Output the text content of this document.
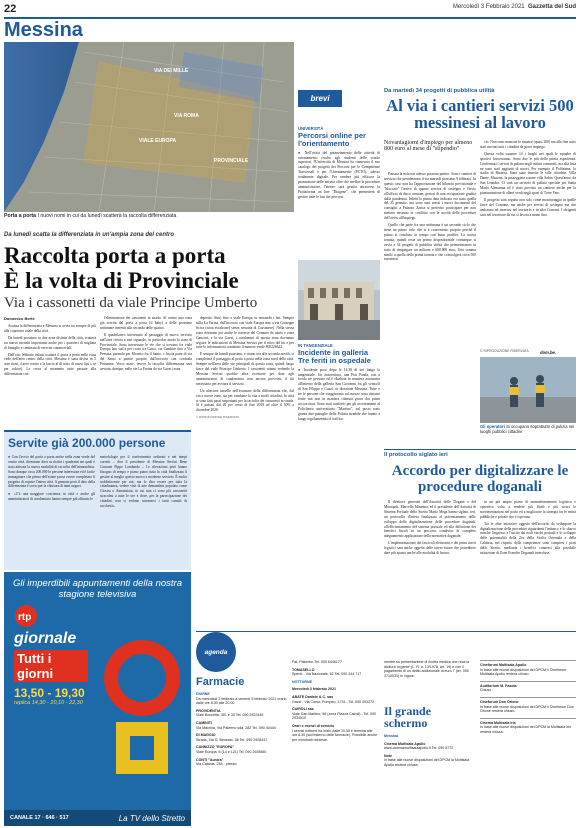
22	Mercoledì 3 Febbraio 2021 Gazzetta del Sud
Messina
VIA DEI MILLE
VIA ROMA
VIALE EUROPA
PROVINCIALE
Porta a porta I nuovi nomi in cui da lunedì scatterà la raccolta differenziata
Da lunedì scatta la differenziata in un'ampia zona del centro
Raccolta porta a porta
È la volta di Provinciale
Via i cassonetti da viale Principe Umberto
Domenico Bertè

Avanza la differenziata e Messina si avvia tra sempre di più alla copertura totale della città.

Da lunedì prossimo in due zone distinte della città, scatterà un nuovo metodo importante anche per i quartieri di migliaia di famiglie e centinaia di esercizi commerciali.

Dall'otto febbraio infatti scatterà il porta a porta nella zona vede dell'area centro della città. Messina è stata divisa in 5 aree rioni, 4 aree centro e la fascia al di sotto di nuovi tipi o se per colore). Le cerca al momento tutte passate alla differenziata con

l'eliminazione dei cassonetti in strada. Al centro una zona già servita dal porta a porta (il baby) a delle prossime settimane inerenti alla seconda delle quattro.

Il quadrilatero interessato al passaggio di nuovo servizio nell'area rivista a vari riguardo, in particolar modo la zona di Provinciale. Sono interessate le vie che si trovano fra viale Europa lato sud e per corso tra Gazzi, via Candore fino a Via Pensata, parendo per Moretto fra il Santo, c fascia parte di via del Santo a partire proprio dall'incrocio con contrada Pistunina. Verso mare, invece la raccolta differenziata sarà avviata, dunque, nelle vie La Farina da via Gazzi (zona

deposito Atm) fino a viale Europa su entrambi i lati. Sempre sulla La Farina, dall'incrocio con viale Europa sino a via Giuseppe Sciva (zona escalzone) senza nessuna di Cassiniere). Nella stessa zona rientrano poi anche le traverse del Comune da inizio e zona Ganzirri, e la via Gazzi, i condomini di questa zona dovranno seguire le indicazioni di Messina Servizi per il ritiro del kit e per tutte le informazioni contattate il numero verde 800226622.

E sempre da lunedì prossimo, e siamo ora alla seconda novità, si completerà il passaggio al porta a porta nella zona nord della città. Sempre nell'area delle vie principali di questa zona, quindi luogo fasce del viale Principe Umberto. I cassonetti stanno vedendo la Messina Servizi qualche altra ricezione per dare agli amministratori di condominio, non ancora provvisti, il kit necessario per avviare il servizio.

Un ulteriore tassello nell'avanzare della differenziata che, dal via a nuove zone, sta per cambiare la vita a molti cittadini. In città si sono fatti passi importanti per la raccolta dei cassonetti in strada. Si è passati dal 20 per cento di fine 2018 ad oltre il 50% a dicembre 2020.

© RIPRODUZIONE RISERVATA
Servite già 200.000 persone

● Con l'avvio del porta a porta anche nella zona verde del centro città, diventano dieci su dodici i quadranti nei quali è stata attivata la nuova modalità di raccolta dell'immondizia. Sono dunque circa 200.000 le persone interessate ed è facile immaginare che prima dell'estate possa essere completato il progetto di coprire l'intera città. A gennaio però il dato della differenziata è sceso per la chiusura di tanti negozi.

● «C'è una maggiore coscienza in città e anche gli amministratori di condominio hanno sempre più affinato le

metodologie per il conferimento ordinato e nei tempi corretti – dice il presidente di Messina Servizi Bene Comune Pippo Lombardo – Le rilevazioni però hanno bisogno di tempo e piano piano tutta la città finalizzata il gestire al meglio questo nuovo e moderno servizio. È molto soddisfacente per noi, ma lo dico essere per tutta la cittadinanza, vedere visti di arte demandarti popolato come Giostra o Annunziata, in cui non ci sono più cassonetti stracolmi a tutte le ore e dove, per la partecipazione dei cittadini, non si vedono sommersi i tanti cumuli di sacchetti».

brevi
UNIVERSITÀ
Percorsi online per l'orientamento

● Nell'ottica del potenziamento delle attività di orientamento rivolte agli studenti delle scuole superiori, l'Università di Messina ha rinnovato il suo catalogo dei progetti dei Percorsi per le Competenze Trasversali e per l'Orientamento (PCTO), adesso totalmente digitale. Per rendere più efficace la promozione delle attività oltre che snellire le procedure amministrative, l'ateneo sarà gestita attraverso la Piattaforma on line "Diogene", che permetterà di gestire tutte le fasi dei percorsi.

IN TANGENZIALE
Incidente in galleria Tre feriti in ospedale

● Incidente poco dopo le 14.30 di ieri lungo la tangenziale. Un autovettura, una Fiat Panda, con a bordo tre persone ed è ribaltata in maniera autonoma all'interno della galleria San Giovanni fra gli svincoli di San Filippo e Gazzi, in direzione Messina. Tutte e tre le persone che viaggiavano sul mezzo sono rimaste ferite ma non in maniera ritenuta grave dai primi soccorritori. Sono stati trasferiti per gli accertamenti al Policlinico universitario "Martino", sul posto sono giunte due pattuglie della Polizia stradale che hanno a lungo regolamentato il traffico.

Da martedì 34 progetti di pubblica utilità
Al via i cantieri servizi 500 messinesi al lavoro
Novantagiorni d'impiego per almeno 800 euro al mese di "stipendio"

Passata la nota ieri adesso possono partire. Sono i cantieri di servizio che prenderanno il via martedì prossimo 9 febbraio. In questo caso non ha l'approvazione del bilancio previsionale e "bloccato" l'arrivo di quanto serviva di sostegno e l'invio all'ufficio di disco comune, gestori di una occupazione gradita dalla pandemia. Infatti la prima data indicata era stata quella del 25 gennaio, ma sono stati messi i nuovi documenti del consiglio a Palazzo Zanca si preferito posticipare per non mettere nessuno in conflitto con le novità delle procedure dell'avvio all'impiego.

Quello che parte fra una settimana è un secondo ciclo che tiene un primo volo che si è concentrato proprio perché il primo si concluso in tempo con buon profitto. La nuova tornata, quindi resta un primo disposizionale comunque si avvia a 34 progetti di pubblica utilità che permetteranno in tutto di rimpiegare un milione e 600.000 euro. Una somma simile a quella della prima tornata e che coinvolgerà circa 500 messinesi.

cio. Non sono mancate le rinunce (quasi 200) ma alla fine sono stati rinviati tutti i cittadini da porre impiego.

Questa volta saranno 14 i luoghi nei quali le squadre di sportivi lavoreranno. Sono due le più della prima esperienza. Confermati i servizi di pulizia negli istituti comunali, ma alla lista ne sono stati aggiunti di nuovi. Per esempio il Politeama, lo stadio di Bisazza. Sono state inserite le ville cittadine. Villa Dante, Mazzini, la passeggiata a mare villa Sabin. Quest'anno, da San Leandro. Ci sarà un servizio di pulizia speciale per Santa Maria Alemanna ed è stato previsto un cantiere anche per la piantumazione di alberi verdi negli spazi di Torre Faro.

Il progetto sarà seguito non solo come monitoraggio in quelle fasce del Comune, ma anche per servizi di sostegno ma che andranno ad inserirsi nel territorio e in altri Comuni. I dirigenti sarà nel tesserone da cui si lavora a mano fino.

© RIPRODUZIONE RISERVATA	dom.be.
Gli operatori Si occupano soprattutto di pulizia nei luoghi pubblici cittadini
Il protocollo siglato ieri
Accordo per digitalizzare le procedure doganali

Il direttore generale dell'Autorità delle Dogane e del Monopoli, Marcello Minenna, ed il presidente dell'Autorità di Sistema Portuale dello Stretto Mario Mega hanno siglato, ieri, un protocollo d'intesa finalizzato al potenziamento dello sviluppo della digitalizzazione delle procedure doganali, all'efficientamento del sistema portuale ed alla diffusione dei benefici fiscali su un percorso condiviso di completo adeguamento applicazione della normativa doganale.

L'implementazione dei fascicoli elettronici e dei primi rinvii logistici sarà anche oggetto delle intese future che potrebbero dare più spazio anche alle modalità di lavoro.

in un più ampio piano di ammodernamento logistico e operativo volto a rendere più fluidi e più sicuri le movimentazioni nel porto ed a migliorare la sinergia tra le entità pubbliche e private che vi operano.

Tra le altre iniziative oggetto dell'accordo da sviluppare la digitalizzazione delle procedure riguardanti l'imbarco e lo sbarco nonché l'ingresso e l'uscita dai nodi varchi portuali e lo sviluppo delle potenzialità della Zes della Sicilia Orientale e della Calabria, nel rispetto delle competenze sono compresi i porti dello Stretto, mediante i benefici connessi alla possibile istituzione di Zone Franche Doganali intercluse.

Gli imperdibili appuntamenti della nostra stagione televisiva
rtp
giornale
Tutti i giorni
13,50 - 19,30
replica 14,30 - 20,10 - 22,30
CANALE 17 · 646 · 517	La TV dello Stretto
agenda
Farmacie
DIURNE
Da mercoledì 3 febbraio a venerdì 5 febbraio 2021 orario dalle ore 8.30 alle 20.00
PROVIDENTIA
Viale Boccetta, 301 e 30 Tel. 090 2922445
CAMINITI
Via Macrina, Via Palermo sda, 282 Tel. 090 40444
DI MAGGIO
Strada, Via G. Bensato, 36 Tel. 090 2928437
CANNIZZO "EUROPA"
Viale Europa, 6 (14 e 121) Tel. 090 2928560
CONTI "Aurora"
Via Catania, 248 - presso
Pal. Palumbo Tel. 090 6446177
TOMASELLO
Sperlò - Via Nazionale, 62 Tel. 090 344 717
NOTTURNE
Mercoledì 3 febbraio 2021
ABATE Daniele & C. sas
Gazzi - Via Corso, Pompeo, 1731 - Tel. 090 293272
CAIROLI sas
Viale San Martino, 98 (zona Piazza Cairoli) - Tel. 090 2934510
Orari e esenzi di servizio
I servizi notturni ha inizio dalle 19.30 e termina alle ore 8.30 (sull'esterno delle farmacie). Possibile anche per eventuali richieste.
mentre su presentazione di ricetta medica che reca la dicitura 'urgente' (L. R. n. 13/1978, art. 19) e con il pagamento di un diritto addizionale di euro 7 (tel. 090 3710031) in vigore.
Il grande
schermo
Messina
Cinema Multisala Apollo
www.cinemamultisalaapollo.it Tel. 090 5772
Note
In base alle nuove disposizioni del DPCM la Multisala Apollo resterà chiusa.
Cineforum Multisala Apollo
In base alle nuove disposizioni del DPCM il Cineforum Multisala Apollo resterà chiuso.
Auditorium M. Fasola
Chiuso
Cineforum Don Orione
In base alle nuove disposizioni del DPCM il Cineforum Don Orione resterà chiuso.
Cinema Multisala Iris
In base alle nuove disposizioni del DPCM la Multisala Iris resterà chiusa.
